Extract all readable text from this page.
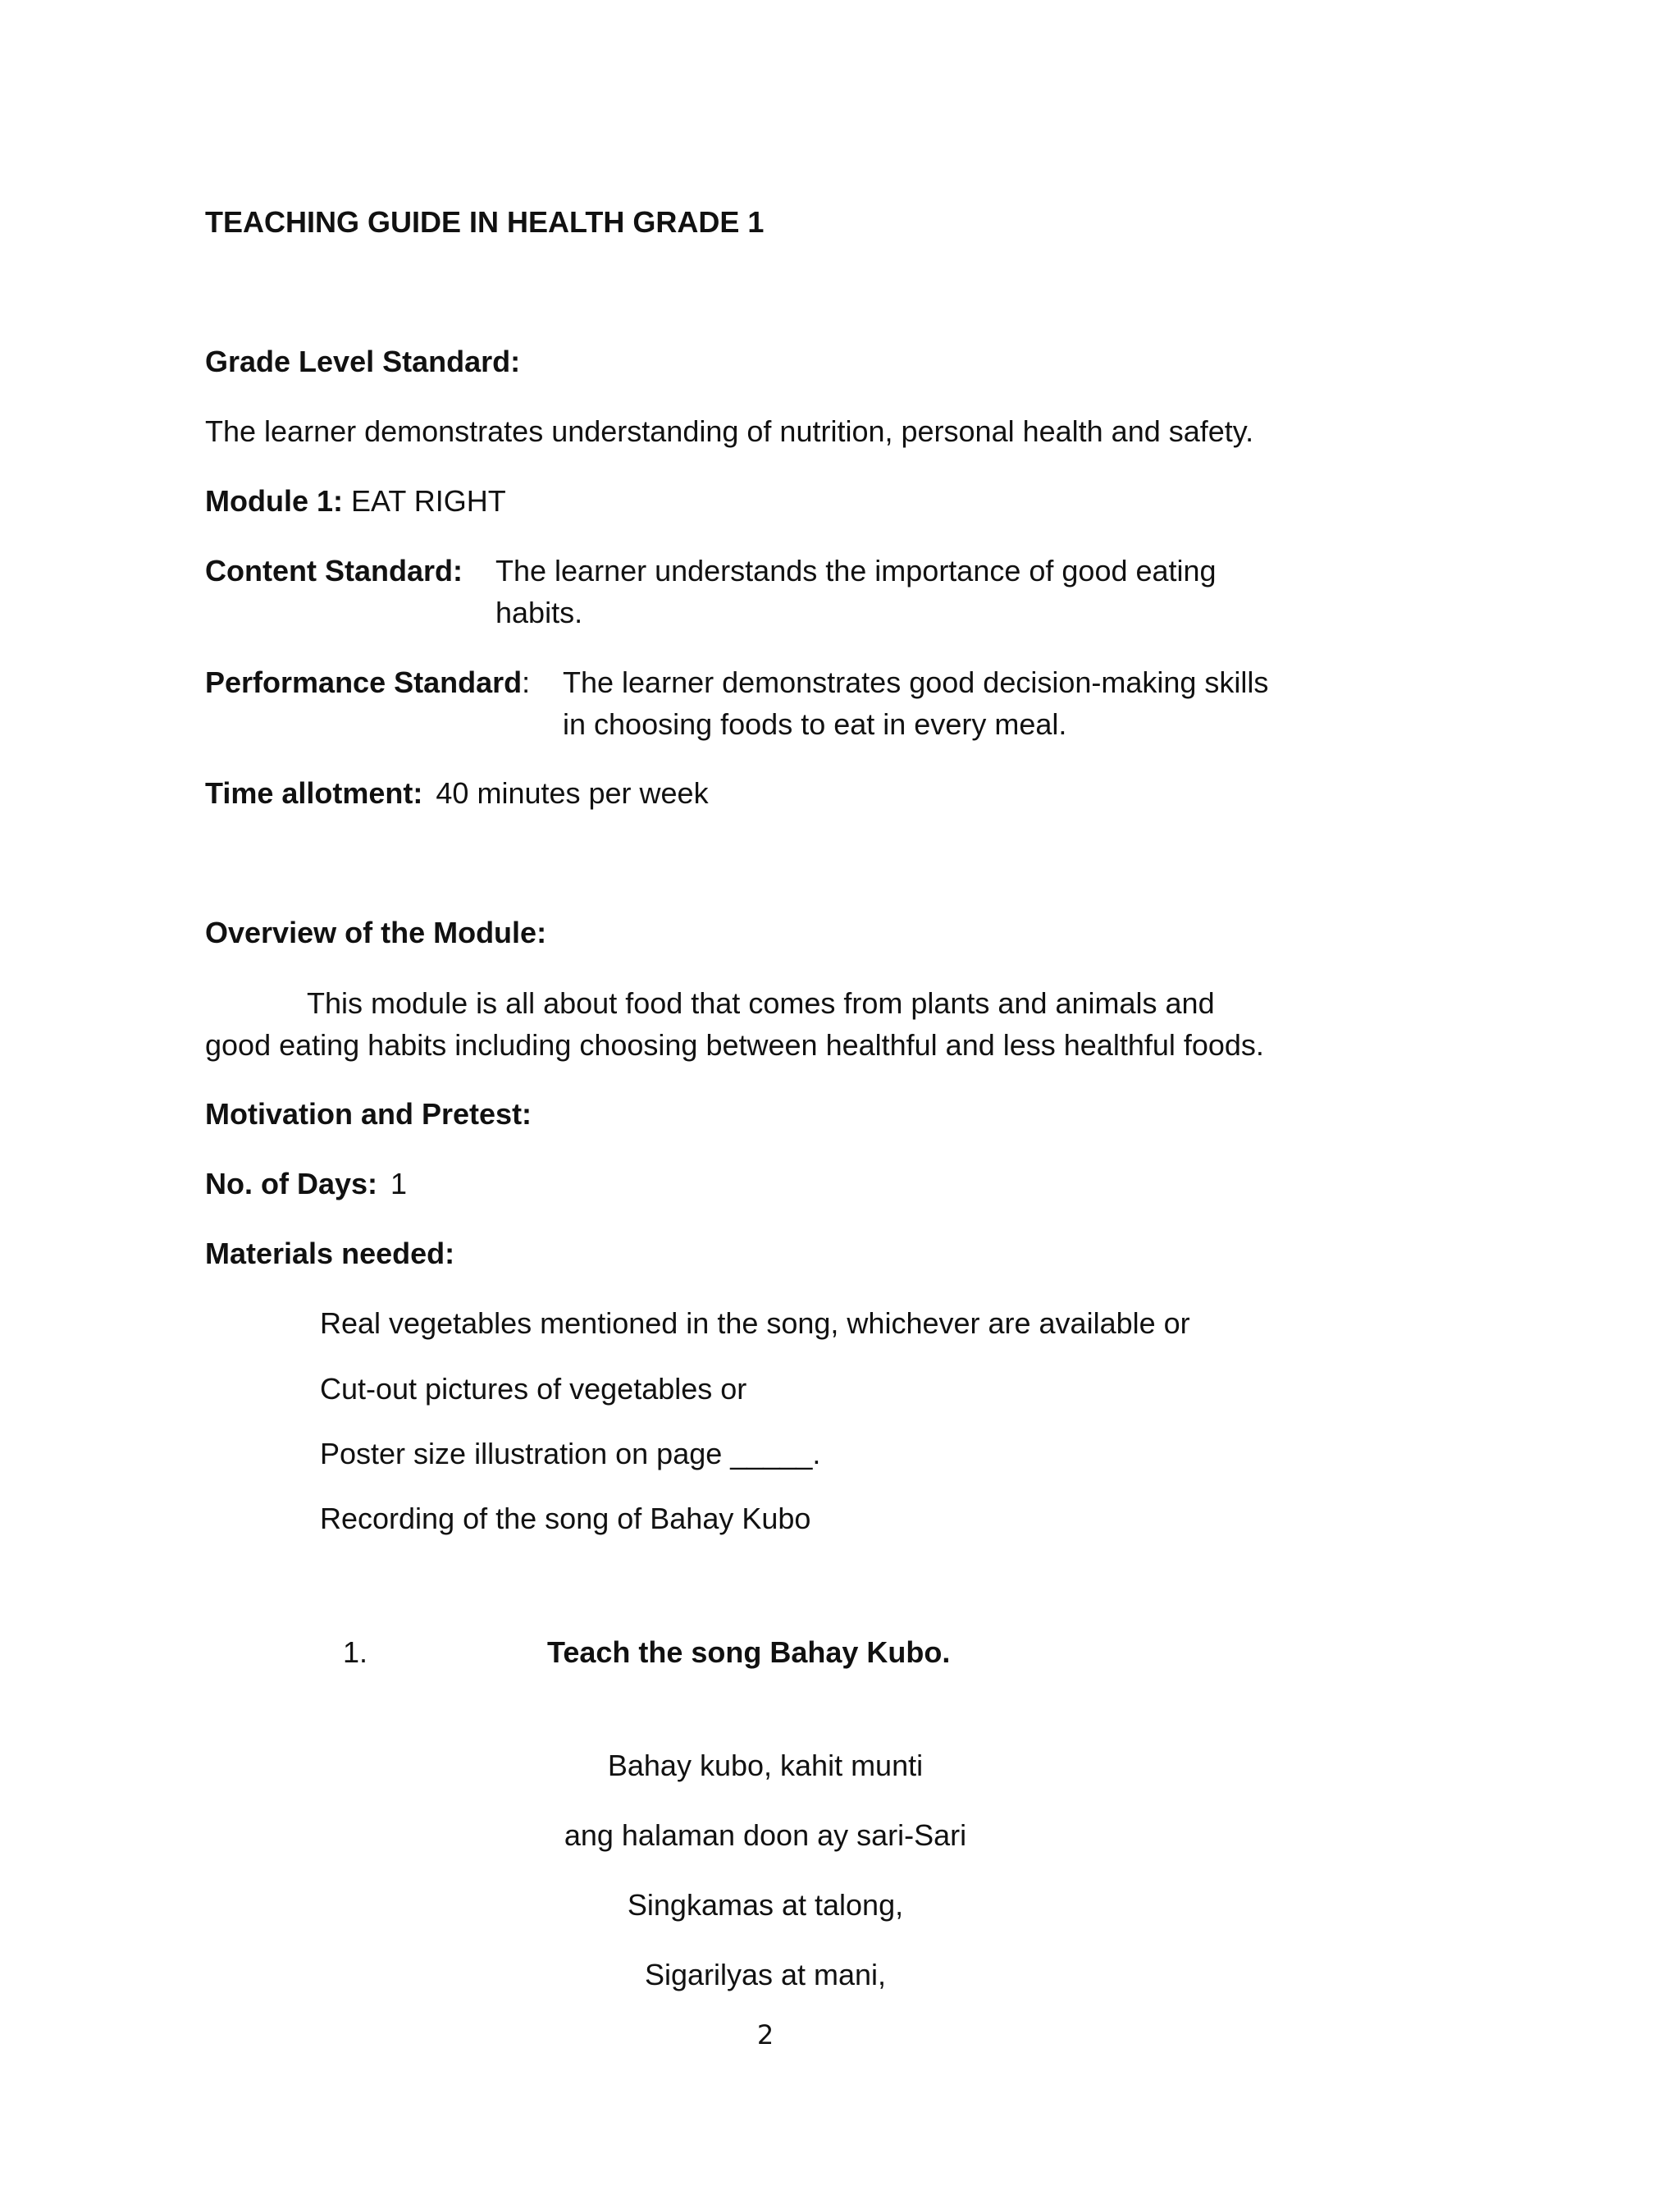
TEACHING GUIDE IN HEALTH GRADE 1
Grade Level Standard:
The learner demonstrates understanding of nutrition, personal health and safety.
Module 1: EAT RIGHT
Content Standard: The learner understands the importance of good eating
habits.
Performance Standard: The learner demonstrates good decision-making skills
in choosing foods to eat in every meal.
Time allotment: 40 minutes per week
Overview of the Module:
This module is all about food that comes from plants and animals and
good eating habits including choosing between healthful and less healthful foods.
Motivation and Pretest:
No. of Days: 1
Materials needed:
Real vegetables mentioned in the song, whichever are available or
Cut-out pictures of vegetables or
Poster size illustration on page _____.
Recording of the song of Bahay Kubo
1.	Teach the song Bahay Kubo.
Bahay kubo, kahit munti
ang halaman doon ay sari-Sari
Singkamas at talong,
Sigarilyas at mani,
2
